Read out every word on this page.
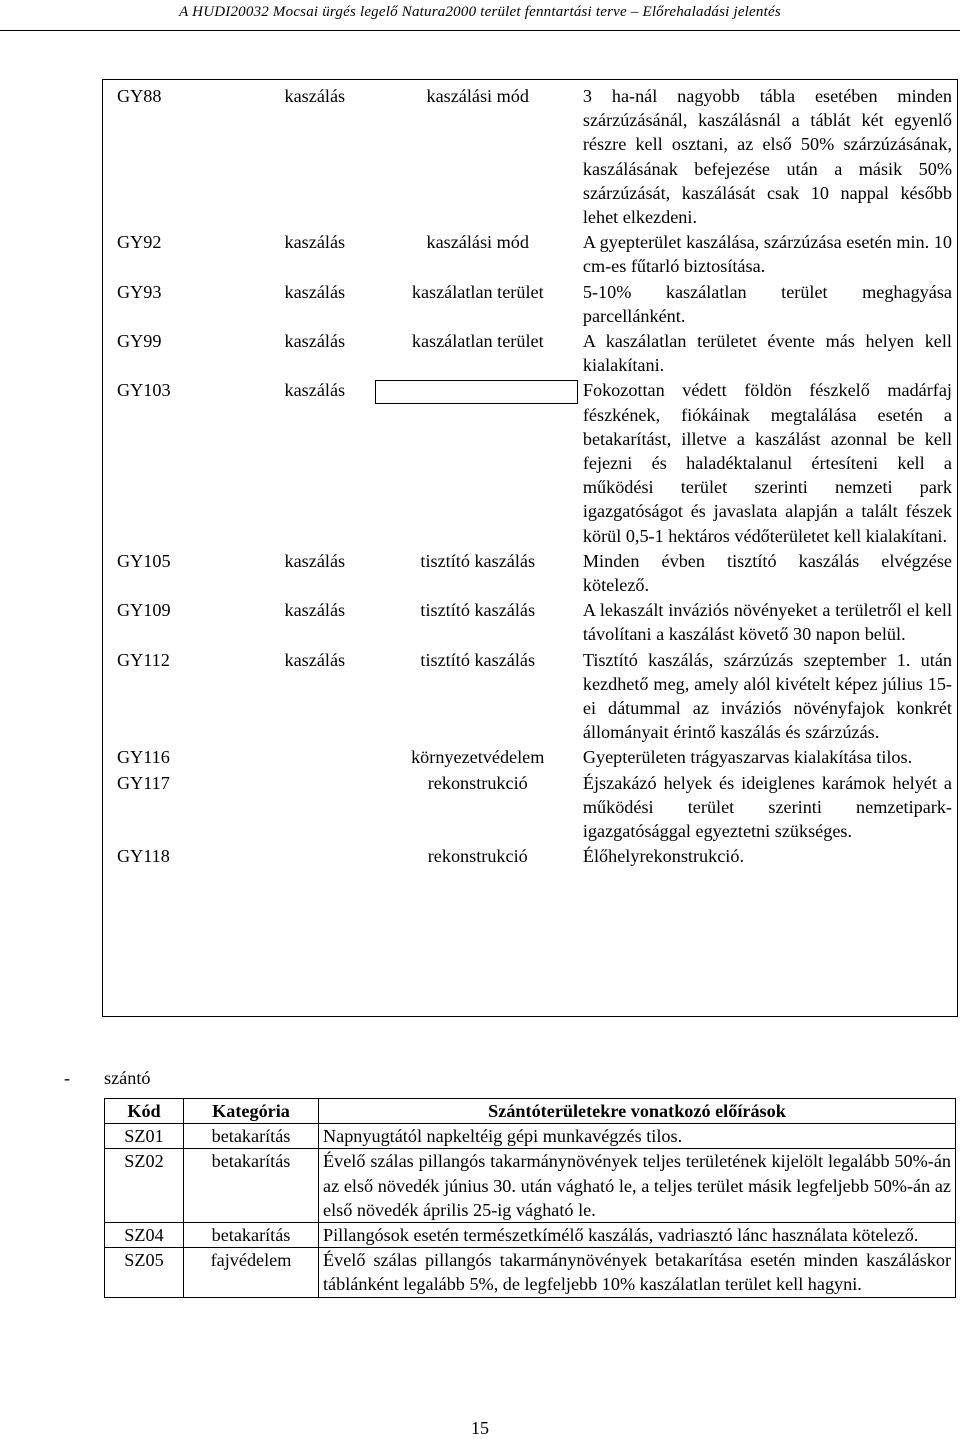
A HUDI20032 Mocsai ürgés legelő Natura2000 terület fenntartási terve – Előrehaladási jelentés
GY88	kaszálás	kaszálási mód	3 ha-nál nagyobb tábla esetében minden szárzúzásánál, kaszálásnál a táblát két egyenlő részre kell osztani, az első 50% szárzúzásának, kaszálásának befejezése után a másik 50% szárzúzását, kaszálását csak 10 nappal később lehet elkezdeni.
GY92	kaszálás	kaszálási mód	A gyepterület kaszálása, szárzúzása esetén min. 10 cm-es fűtarló biztosítása.
GY93	kaszálás	kaszálatlan terület	5-10% kaszálatlan terület meghagyása parcellánként.
GY99	kaszálás	kaszálatlan terület	A kaszálatlan területet évente más helyen kell kialakítani.
GY103	kaszálás		Fokozottan védett földön fészkelő madárfaj fészkének, fiókáinak megtalálása esetén a betakarítást, illetve a kaszálást azonnal be kell fejezni és haladéktalanul értesíteni kell a működési terület szerinti nemzeti park igazgatóságot és javaslata alapján a talált fészek körül 0,5-1 hektáros védőterületet kell kialakítani.
GY105	kaszálás	tisztító kaszálás	Minden évben tisztító kaszálás elvégzése kötelező.
GY109	kaszálás	tisztító kaszálás	A lekaszált inváziós növényeket a területről el kell távolítani a kaszálást követő 30 napon belül.
GY112	kaszálás	tisztító kaszálás	Tisztító kaszálás, szárzúzás szeptember 1. után kezdhető meg, amely alól kivételt képez július 15-ei dátummal az inváziós növényfajok konkrét állományait érintő kaszálás és szárzúzás.
GY116		környezetvédelem	Gyepterületen trágyaszarvas kialakítása tilos.
GY117		rekonstrukció	Éjszakázó helyek és ideiglenes karámok helyét a működési terület szerinti nemzetipark-igazgatósággal egyeztetni szükséges.
GY118		rekonstrukció	Élőhelyrekonstrukció.
- szántó
Kód	Kategória	Szántóterületekre vonatkozó előírások
SZ01	betakarítás	Napnyugtától napkeltéig gépi munkavégzés tilos.
SZ02	betakarítás	Évelő szálas pillangós takarmánynövények teljes területének kijelölt legalább 50%-án az első növedék június 30. után vágható le, a teljes terület másik legfeljebb 50%-án az első növedék április 25-ig vágható le.
SZ04	betakarítás	Pillangósok esetén természetkímélő kaszálás, vadriasztó lánc használata kötelező.
SZ05	fajvédelem	Évelő szálas pillangós takarmánynövények betakarítása esetén minden kaszáláskor táblánként legalább 5%, de legfeljebb 10% kaszálatlan terület kell hagyni.
15
